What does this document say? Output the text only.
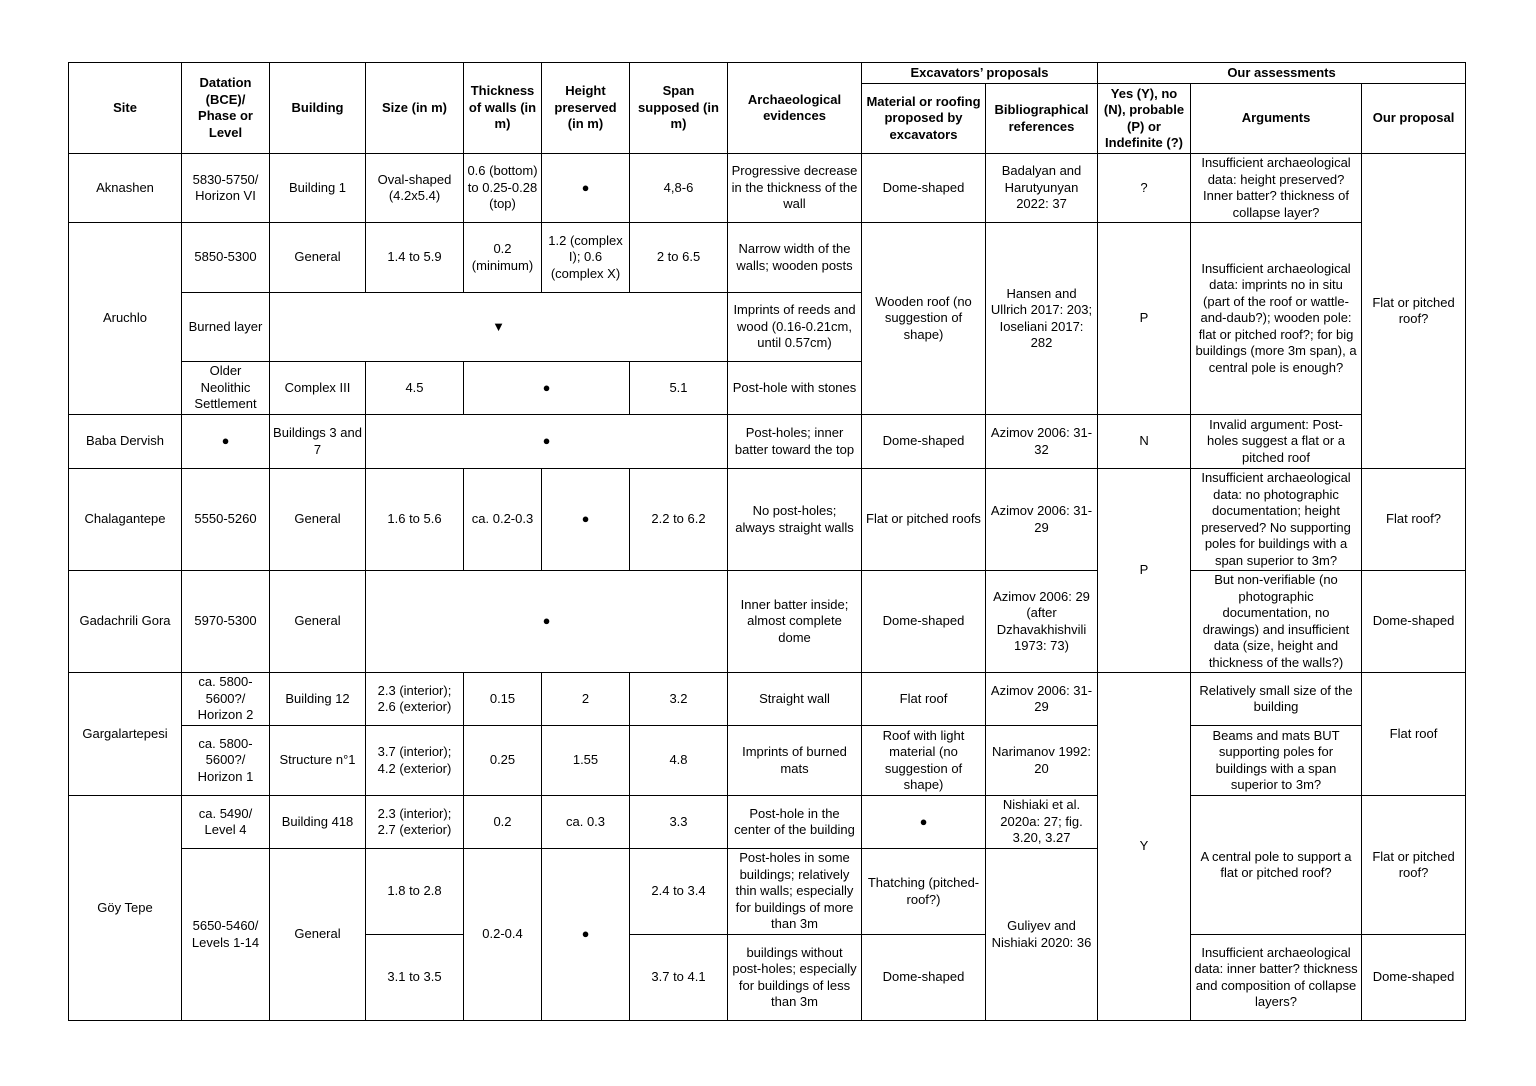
Site	Datation (BCE)/ Phase or Level	Building	Size (in m)	Thickness of walls (in m)	Height preserved (in m)	Span supposed (in m)	Archaeological evidences	Excavators’ proposals		Our assessments		
								Material or roofing proposed by excavators	Bibliographical references	Yes (Y), no (N), probable (P) or Indefinite (?)	Arguments	Our proposal
Aknashen	5830-5750/ Horizon VI	Building 1	Oval-shaped (4.2x5.4)	0.6 (bottom) to 0.25-0.28 (top)	●	4,8-6	Progressive decrease in the thickness of the wall	Dome-shaped	Badalyan and Harutyunyan 2022: 37	?	Insufficient archaeological data: height preserved? Inner batter? thickness of collapse layer?	Flat or pitched roof?
Aruchlo	5850-5300	General	1.4 to 5.9	0.2 (minimum)	1.2 (complex I); 0.6 (complex X)	2 to 6.5	Narrow width of the walls; wooden posts	Wooden roof (no suggestion of shape)	Hansen and Ullrich 2017: 203; Ioseliani 2017: 282	P	Insufficient archaeological data: imprints no in situ (part of the roof or wattle-and-daub?); wooden pole: flat or pitched roof?; for big buildings (more 3m span), a central pole is enough?	
	Burned layer	▼					Imprints of reeds and wood (0.16-0.21cm, until 0.57cm)					
	Older Neolithic Settlement	Complex III	4.5	●		5.1	Post-hole with stones					
Baba Dervish	●	Buildings 3 and 7	●				Post-holes; inner batter toward the top	Dome-shaped	Azimov 2006: 31-32	N	Invalid argument: Post-holes suggest a flat or a pitched roof	
Chalagantepe	5550-5260	General	1.6 to 5.6	ca. 0.2-0.3	●	2.2 to 6.2	No post-holes; always straight walls	Flat or pitched roofs	Azimov 2006: 31-29	P	Insufficient archaeological data: no photographic documentation; height preserved? No supporting poles for buildings with a span superior to 3m?	Flat roof?
Gadachrili Gora	5970-5300	General	●				Inner batter inside; almost complete dome	Dome-shaped	Azimov 2006: 29 (after Dzhavakhishvili 1973: 73)		But non-verifiable (no photographic documentation, no drawings) and insufficient data (size, height and thickness of the walls?)	Dome-shaped
Gargalartepesi	ca. 5800-5600?/ Horizon 2	Building 12	2.3 (interior); 2.6 (exterior)	0.15	2	3.2	Straight wall	Flat roof	Azimov 2006: 31-29	Y	Relatively small size of the building	Flat roof
	ca. 5800-5600?/ Horizon 1	Structure n°1	3.7 (interior); 4.2 (exterior)	0.25	1.55	4.8	Imprints of burned mats	Roof with light material (no suggestion of shape)	Narimanov 1992: 20		Beams and mats BUT supporting poles for buildings with a span superior to 3m?	
Göy Tepe	ca. 5490/ Level 4	Building 418	2.3 (interior); 2.7 (exterior)	0.2	ca. 0.3	3.3	Post-hole in the center of the building	●	Nishiaki et al. 2020a: 27; fig. 3.20, 3.27		A central pole to support a flat or pitched roof?	Flat or pitched roof?
	5650-5460/ Levels 1-14	General	1.8 to 2.8	0.2-0.4	●	2.4 to 3.4	Post-holes in some buildings; relatively thin walls; especially for buildings of more than 3m	Thatching (pitched-roof?)	Guliyev and Nishiaki 2020: 36			
			3.1 to 3.5			3.7 to 4.1	buildings without post-holes; especially for buildings of less than 3m	Dome-shaped			Insufficient archaeological data: inner batter? thickness and composition of collapse layers?	Dome-shaped
